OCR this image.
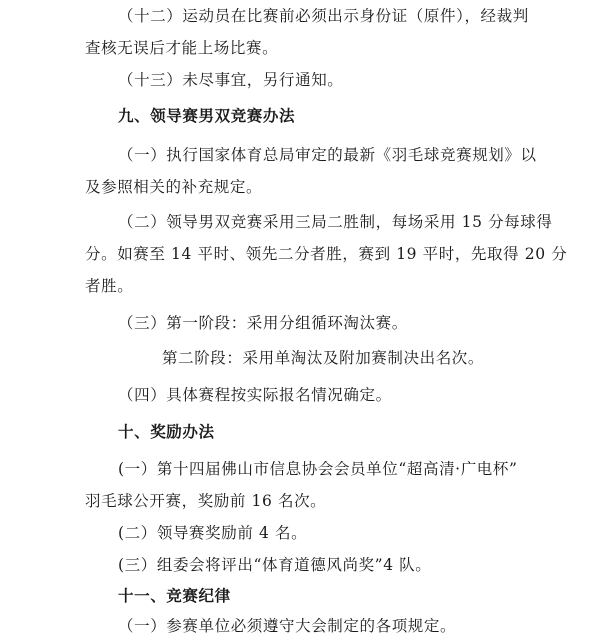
（十二）运动员在比赛前必须出示身份证（原件），经裁判
查核无误后才能上场比赛。
（十三）未尽事宜，另行通知。
九、领导赛男双竞赛办法
（一）执行国家体育总局审定的最新《羽毛球竞赛规划》以
及参照相关的补充规定。
（二）领导男双竞赛采用三局二胜制，每场采用 15 分每球得
分。如赛至 14 平时、领先二分者胜，赛到 19 平时，先取得 20 分
者胜。
（三）第一阶段：采用分组循环淘汰赛。
第二阶段：采用单淘汰及附加赛制决出名次。
（四）具体赛程按实际报名情况确定。
十、奖励办法
(一）第十四届佛山市信息协会会员单位“超高清·广电杯”
羽毛球公开赛，奖励前 16 名次。
(二）领导赛奖励前 4 名。
(三）组委会将评出“体育道德风尚奖”4 队。
十一、竞赛纪律
（一）参赛单位必须遵守大会制定的各项规定。
